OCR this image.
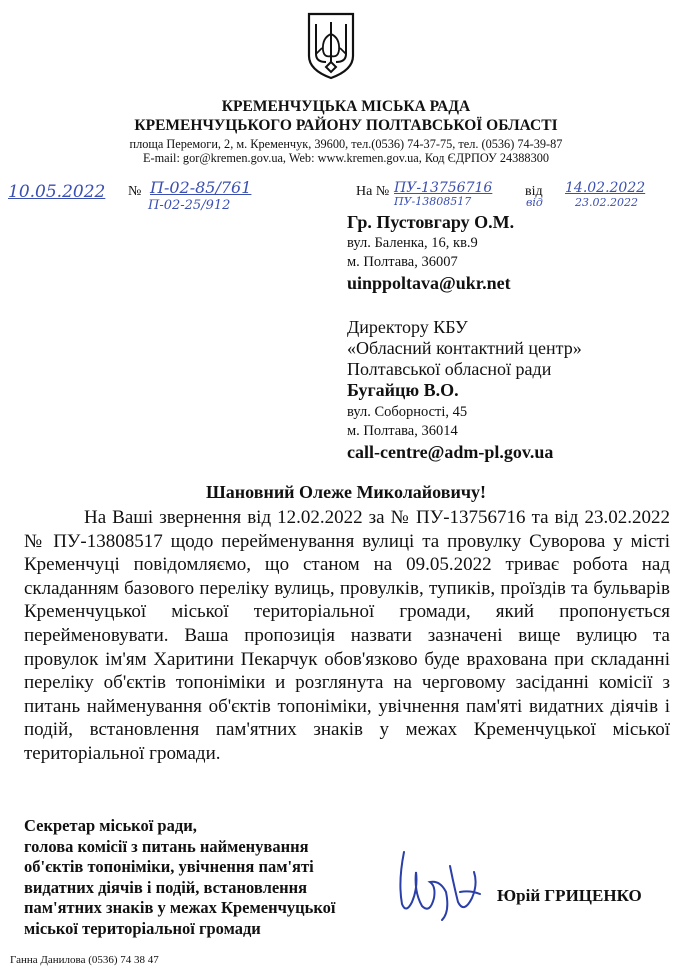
КРЕМЕНЧУЦЬКА МІСЬКА РАДА
КРЕМЕНЧУЦЬКОГО РАЙОНУ ПОЛТАВСЬКОЇ ОБЛАСТІ
площа Перемоги, 2, м. Кременчук, 39600, тел.(0536) 74-37-75, тел. (0536) 74-39-87
E-mail: gor@kremen.gov.ua, Web: www.kremen.gov.ua, Код ЄДРПОУ 24388300
10.05.2022 № П-02-85/761
П-02-25/912
На № ПУ-13756716
ПУ-13808517
від 14.02.2022
від	23.02.2022
Гр. Пустовгару О.М.
вул. Баленка, 16, кв.9
м. Полтава, 36007
uinppoltava@ukr.net
Директору КБУ
«Обласний контактний центр»
Полтавської обласної ради
Бугайцю В.О.
вул. Соборності, 45
м. Полтава, 36014
call-centre@adm-pl.gov.ua
Шановний Олеже Миколайовичу!
На Ваші звернення від 12.02.2022 за № ПУ-13756716 та від 23.02.2022 № ПУ-13808517 щодо перейменування вулиці та провулку Суворова у місті Кременчуці повідомляємо, що станом на 09.05.2022 триває робота над складанням базового переліку вулиць, провулків, тупиків, проїздів та бульварів Кременчуцької міської територіальної громади, який пропонується перейменовувати. Ваша пропозиція назвати зазначені вище вулицю та провулок ім'ям Харитини Пекарчук обов'язково буде врахована при складанні переліку об'єктів топоніміки и розглянута на черговому засіданні комісії з питань найменування об'єктів топоніміки, увічнення пам'яті видатних діячів і подій, встановлення пам'ятних знаків у межах Кременчуцької міської територіальної громади.
Секретар міської ради,
голова комісії з питань найменування
об'єктів топоніміки, увічнення пам'яті
видатних діячів і подій, встановлення
пам'ятних знаків у межах Кременчуцької
міської територіальної громади
Юрій ГРИЦЕНКО
Ганна Данилова (0536) 74 38 47
